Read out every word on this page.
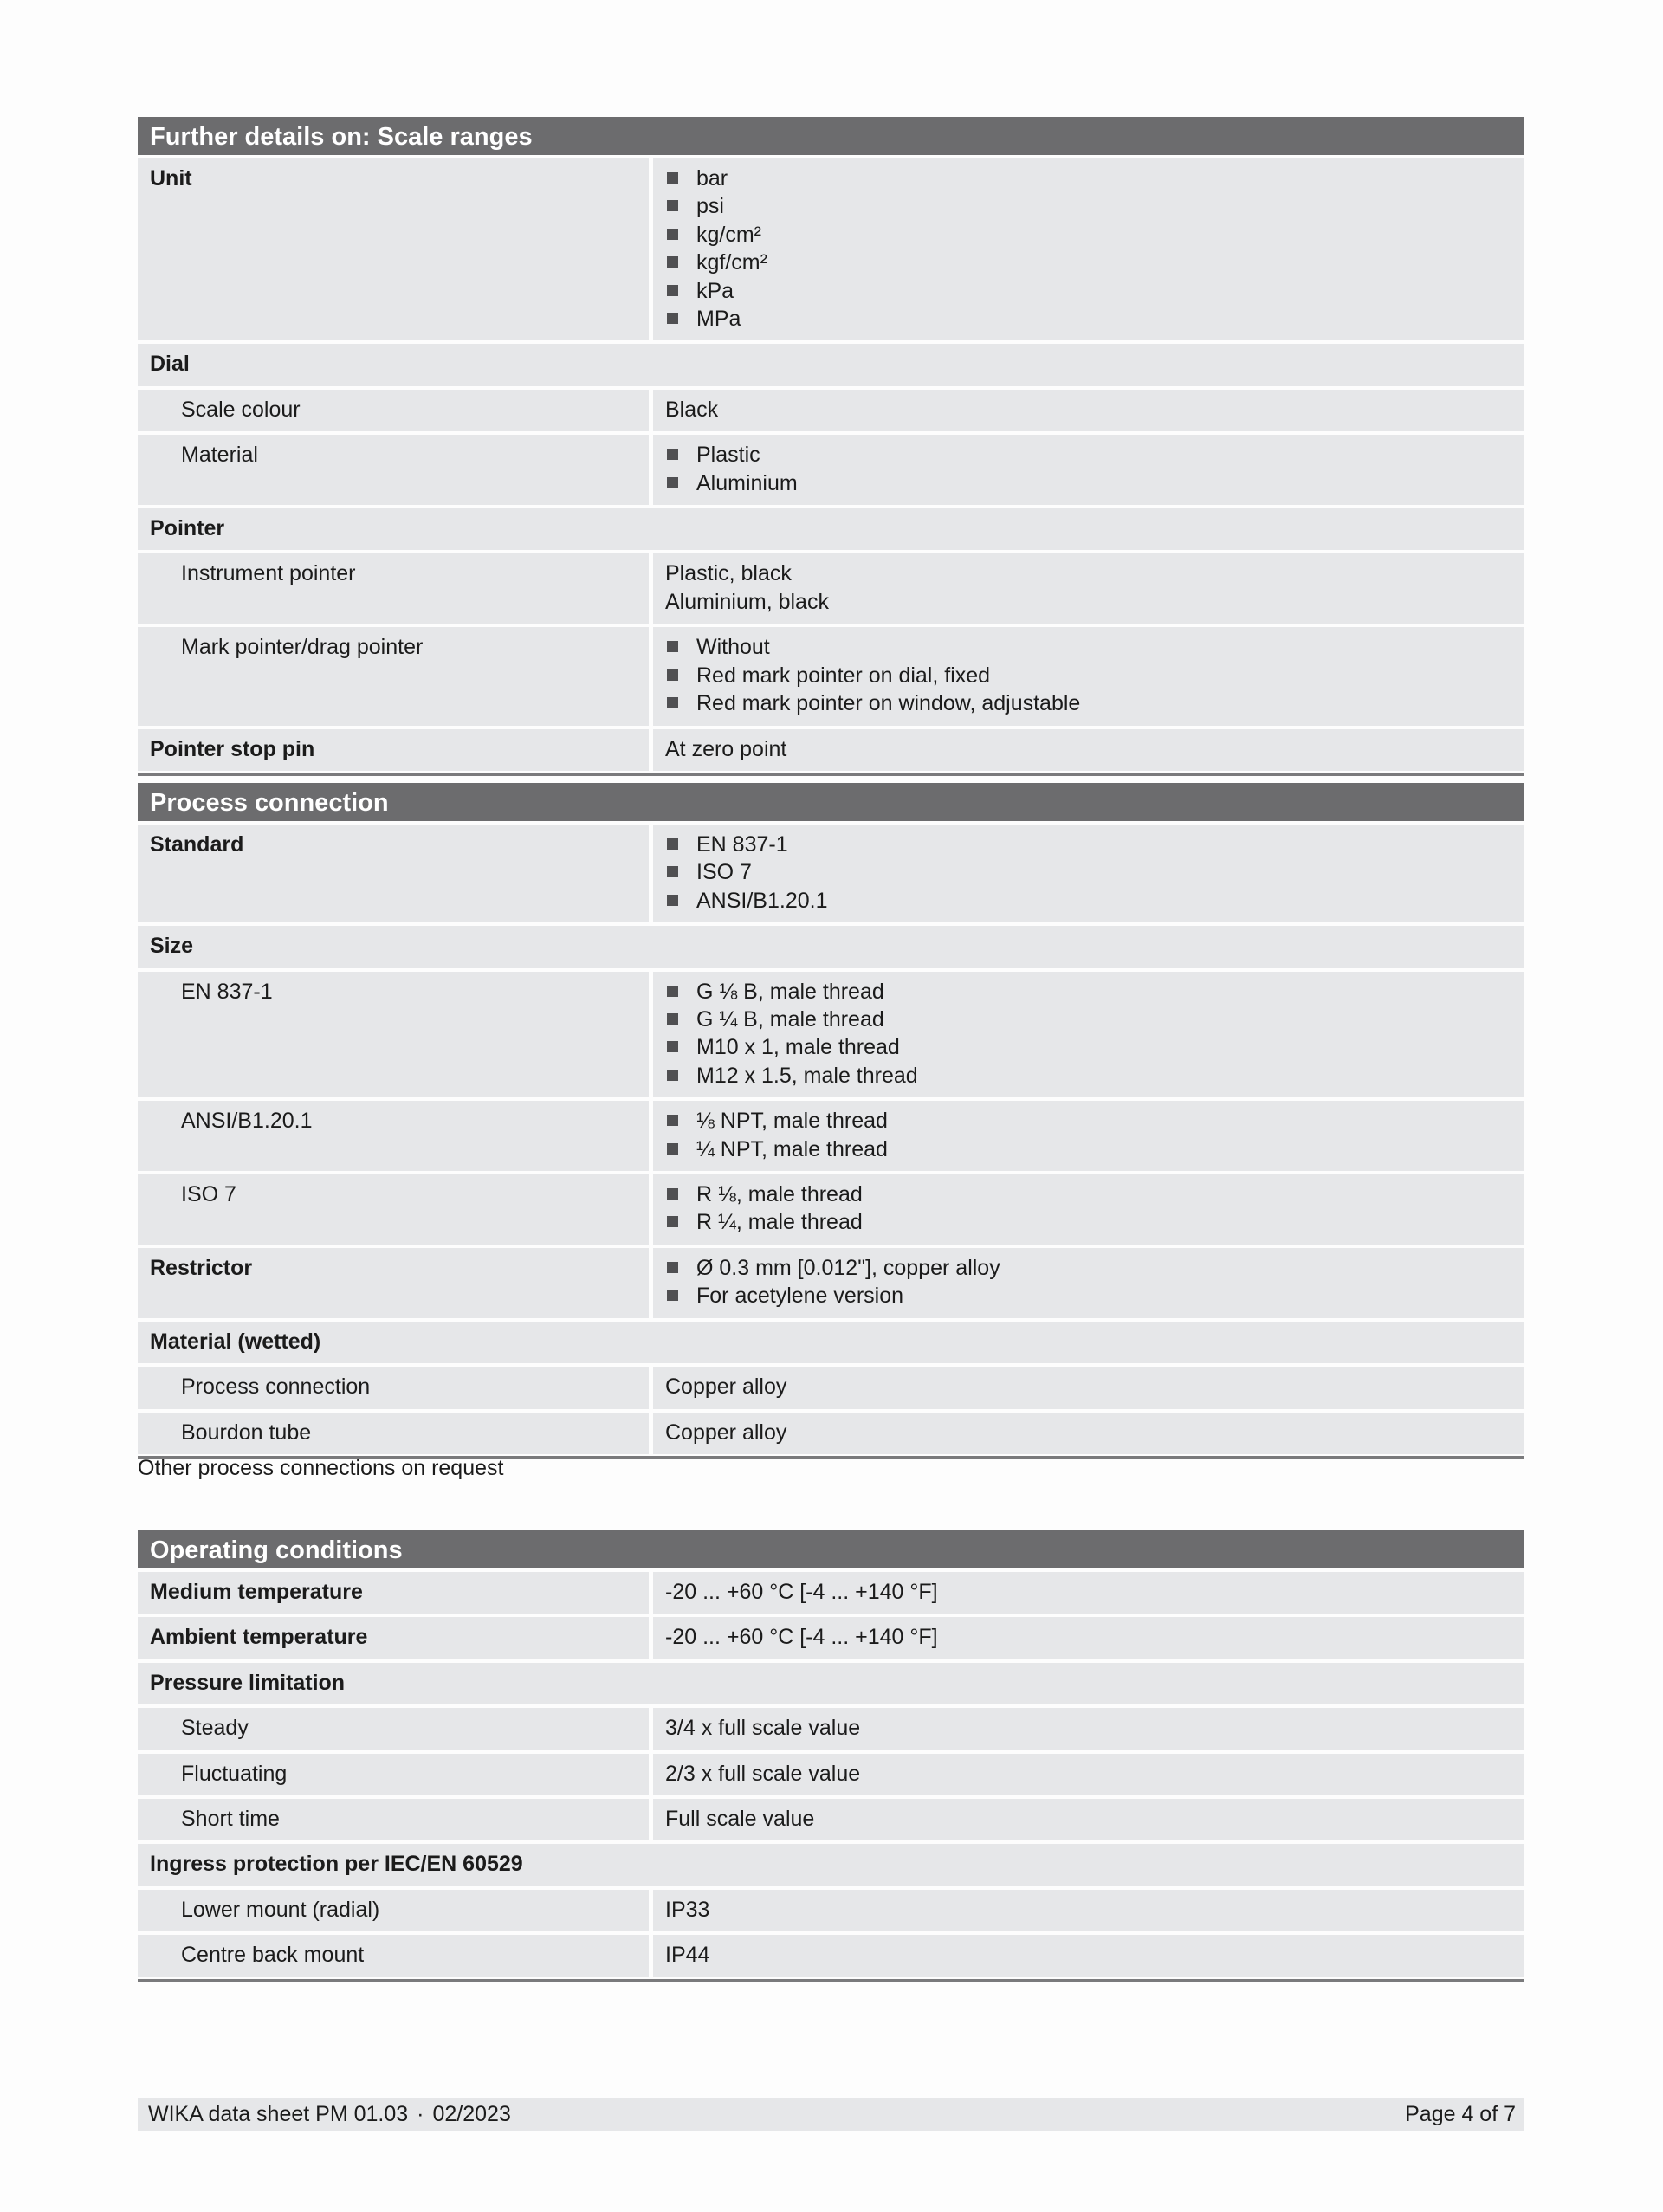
Further details on: Scale ranges
Unit	bar
psi
kg/cm²
kgf/cm²
kPa
MPa
Dial
Scale colour	Black
Material	Plastic
Aluminium
Pointer
Instrument pointer	Plastic, black
Aluminium, black
Mark pointer/drag pointer	Without
Red mark pointer on dial, fixed
Red mark pointer on window, adjustable
Pointer stop pin	At zero point
Process connection
Standard	EN 837-1
ISO 7
ANSI/B1.20.1
Size
EN 837-1	G ⅛ B, male thread
G ¼ B, male thread
M10 x 1, male thread
M12 x 1.5, male thread
ANSI/B1.20.1	⅛ NPT, male thread
¼ NPT, male thread
ISO 7	R ⅛, male thread
R ¼, male thread
Restrictor	Ø 0.3 mm [0.012"], copper alloy
For acetylene version
Material (wetted)
Process connection	Copper alloy
Bourdon tube	Copper alloy
Other process connections on request
Operating conditions
Medium temperature	-20 ... +60 °C [-4 ... +140 °F]
Ambient temperature	-20 ... +60 °C [-4 ... +140 °F]
Pressure limitation
Steady	3/4 x full scale value
Fluctuating	2/3 x full scale value
Short time	Full scale value
Ingress protection per IEC/EN 60529
Lower mount (radial)	IP33
Centre back mount	IP44
WIKA data sheet PM 01.03 · 02/2023	Page 4 of 7
